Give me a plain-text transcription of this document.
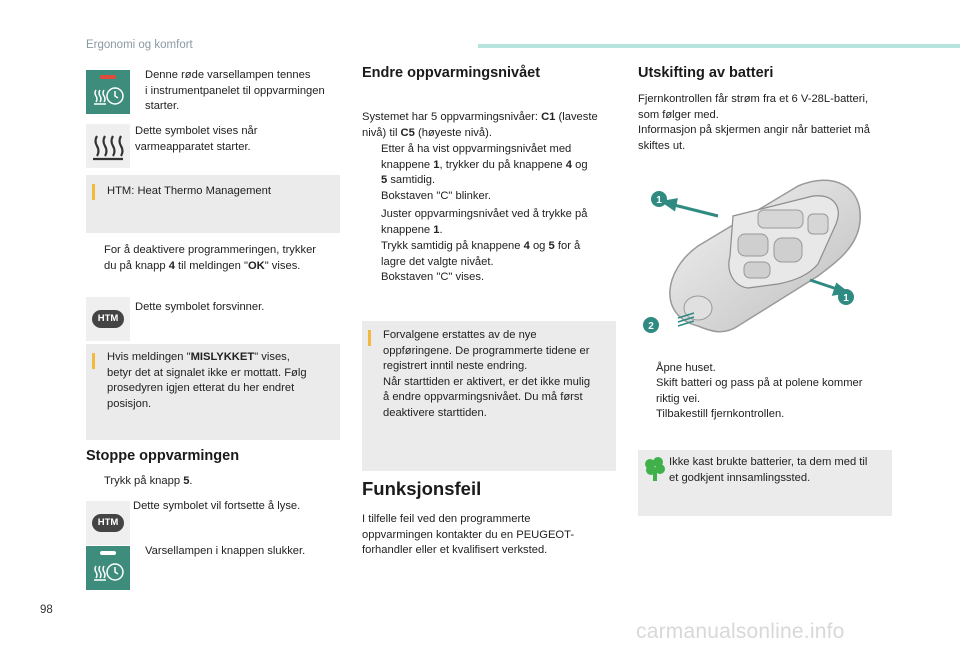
Ergonomi og komfort
Denne røde varsellampen tennes
i instrumentpanelet til oppvarmingen
starter.
Dette symbolet vises når
varmeapparatet starter.
HTM: Heat Thermo Management
For å deaktivere programmeringen, trykker
du på knapp 4 til meldingen "OK" vises.
HTM
Dette symbolet forsvinner.
Hvis meldingen "MISLYKKET" vises,
betyr det at signalet ikke er mottatt. Følg
prosedyren igjen etterat du her endret
posisjon.
Stoppe oppvarmingen
Trykk på knapp 5.
HTM
Dette symbolet vil fortsette å lyse.
Varsellampen i knappen slukker.
Endre oppvarmingsnivået
Systemet har 5 oppvarmingsnivåer: C1 (laveste
nivå) til C5 (høyeste nivå).
Etter å ha vist oppvarmingsnivået med
knappene 1, trykker du på knappene 4 og
5 samtidig.
Bokstaven "C" blinker.
Juster oppvarmingsnivået ved å trykke på
knappene 1.
Trykk samtidig på knappene 4 og 5 for å
lagre det valgte nivået.
Bokstaven "C" vises.
Forvalgene erstattes av de nye
oppføringene. De programmerte tidene er
registrert inntil neste endring.
Når starttiden er aktivert, er det ikke mulig
å endre oppvarmingsnivået. Du må først
deaktivere starttiden.
Funksjonsfeil
I tilfelle feil ved den programmerte
oppvarmingen kontakter du en PEUGEOT-
forhandler eller et kvalifisert verksted.
Utskifting av batteri
Fjernkontrollen får strøm fra et 6 V-28L-batteri,
som følger med.
Informasjon på skjermen angir når batteriet må
skiftes ut.
1
1
2
Åpne huset.
Skift batteri og pass på at polene kommer
riktig vei.
Tilbakestill fjernkontrollen.
Ikke kast brukte batterier, ta dem med til
et godkjent innsamlingssted.
98
carmanualsonline.info
